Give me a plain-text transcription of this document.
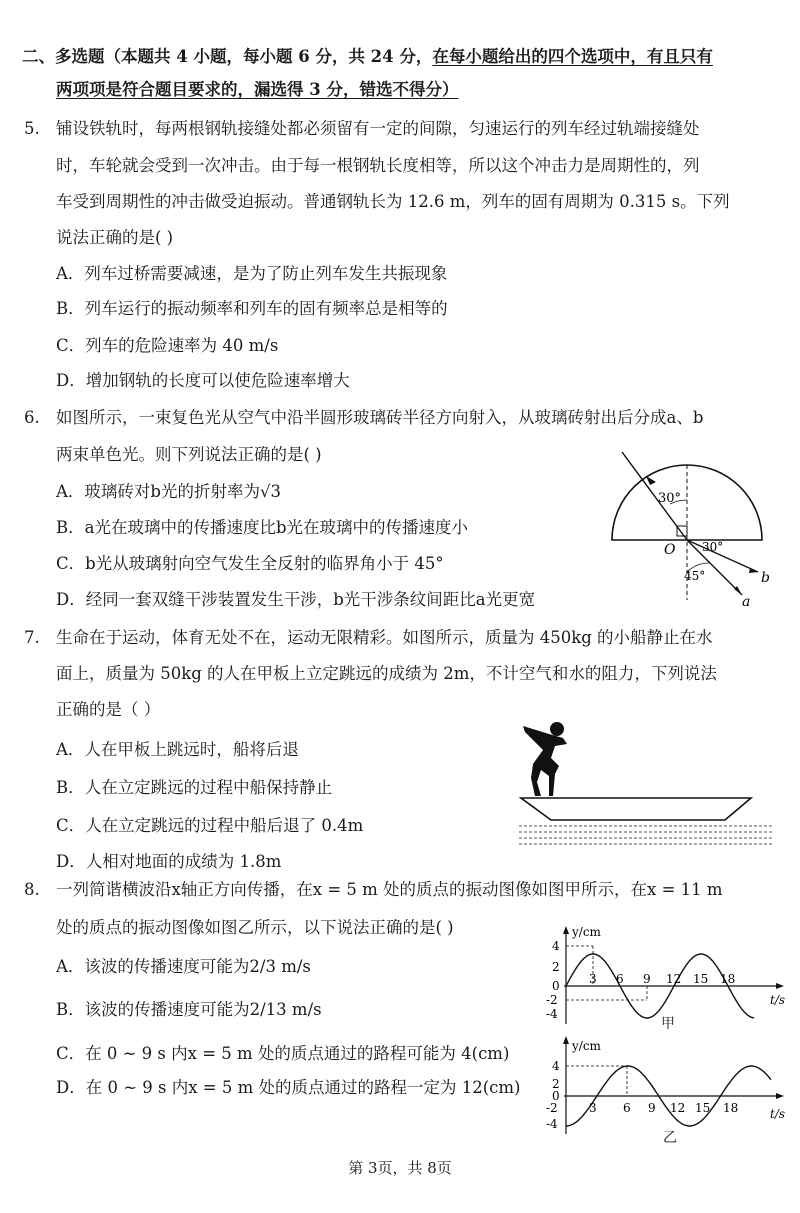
二、多选题（本题共 4 小题，每小题 6 分，共 24 分，在每小题给出的四个选项中，有且只有
两项项是符合题目要求的，漏选得 3 分，错选不得分）
5. 铺设铁轨时，每两根钢轨接缝处都必须留有一定的间隙，匀速运行的列车经过轨端接缝处
时，车轮就会受到一次冲击。由于每一根钢轨长度相等，所以这个冲击力是周期性的，列
车受到周期性的冲击做受迫振动。普通钢轨长为 12.6 m，列车的固有周期为 0.315 s。下列
说法正确的是( )
A．列车过桥需要减速，是为了防止列车发生共振现象
B．列车运行的振动频率和列车的固有频率总是相等的
C．列车的危险速率为 40 m/s
D．增加钢轨的长度可以使危险速率增大
6. 如图所示，一束复色光从空气中沿半圆形玻璃砖半径方向射入，从玻璃砖射出后分成a、b
两束单色光。则下列说法正确的是( )
A．玻璃砖对b光的折射率为√3
B．a光在玻璃中的传播速度比b光在玻璃中的传播速度小
C．b光从玻璃射向空气发生全反射的临界角小于 45°
D．经同一套双缝干涉装置发生干涉，b光干涉条纹间距比a光更宽
30°
30°
45°
O
b
a
7. 生命在于运动，体育无处不在，运动无限精彩。如图所示，质量为 450kg 的小船静止在水
面上，质量为 50kg 的人在甲板上立定跳远的成绩为 2m，不计空气和水的阻力，下列说法
正确的是（ ）
A．人在甲板上跳远时，船将后退
B．人在立定跳远的过程中船保持静止
C．人在立定跳远的过程中船后退了 0.4m
D．人相对地面的成绩为 1.8m
8. 一列简谐横波沿x轴正方向传播，在x = 5 m 处的质点的振动图像如图甲所示，在x = 11 m
处的质点的振动图像如图乙所示，以下说法正确的是( )
A．该波的传播速度可能为2/3 m/s
B．该波的传播速度可能为2/13 m/s
C．在 0 ~ 9 s 内x = 5 m 处的质点通过的路程可能为 4(cm)
D．在 0 ~ 9 s 内x = 5 m 处的质点通过的路程一定为 12(cm)
y/cm
t/s
4
2
0
-2
-4
3 6 9 12 15 18
甲
y/cm
t/s
4
2
0
-2
-4
3 6 9 12 15 18
乙
第 3页，共 8页
